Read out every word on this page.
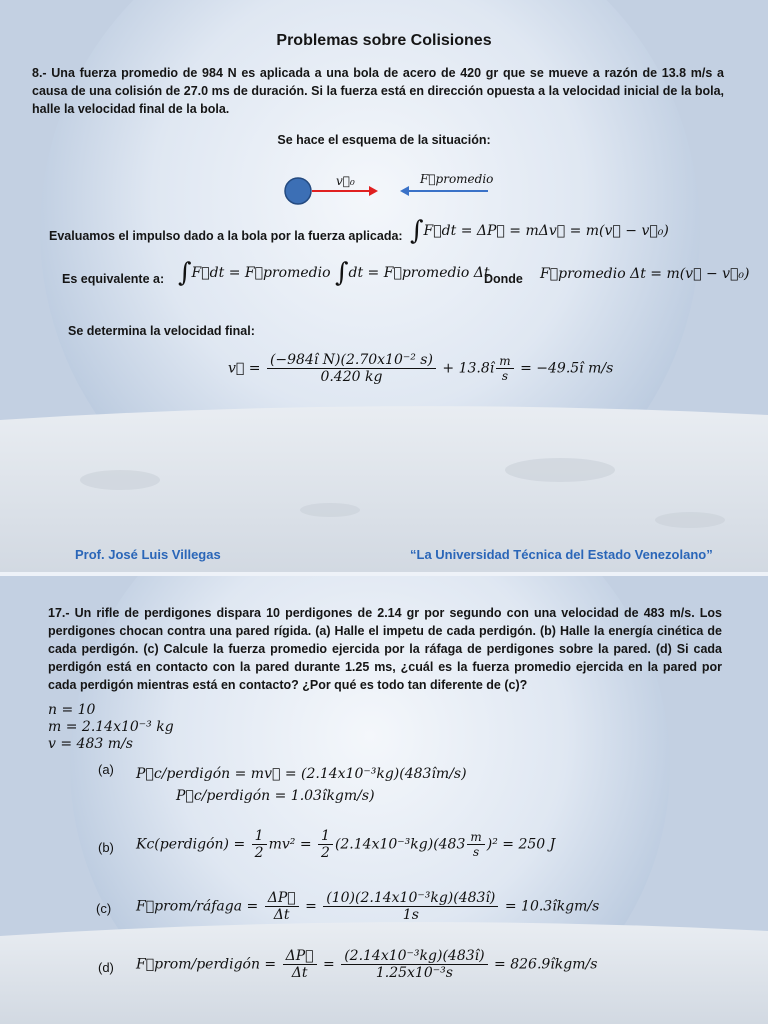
Problemas sobre Colisiones
8.- Una fuerza promedio de 984 N es aplicada a una bola de acero de 420 gr que se mueve a razón de 13.8 m/s a causa de una colisión de 27.0 ms de duración. Si la fuerza está en dirección opuesta a la velocidad inicial de la bola, halle la velocidad final de la bola.
Se hace el esquema de la situación:
v⃗₀	F⃗promedio
Evaluamos el impulso dado a la bola por la fuerza aplicada: ∫F⃗dt = ΔP⃗ = mΔv⃗ = m(v⃗ − v⃗₀)
Es equivalente a: ∫F⃗dt = F⃗promedio ∫dt = F⃗promedio Δt
Donde F⃗promedio Δt = m(v⃗ − v⃗₀)
Se determina la velocidad final:
v⃗ = $\frac{\text{(−984î N)(2.70x10⁻² s)}}{0.420 kg}$ + 13.8î $\frac{m}{s}$ = −49.5î m/s
Prof. José Luis Villegas	“La Universidad Técnica del Estado Venezolano”
17.- Un rifle de perdigones dispara 10 perdigones de 2.14 gr por segundo con una velocidad de 483 m/s. Los perdigones chocan contra una pared rígida. (a) Halle el impetu de cada perdigón. (b) Halle la energía cinética de cada perdigón. (c) Calcule la fuerza promedio ejercida por la ráfaga de perdigones sobre la pared. (d) Si cada perdigón está en contacto con la pared durante 1.25 ms, ¿cuál es la fuerza promedio ejercida en la pared por cada perdigón mientras está en contacto? ¿Por qué es todo tan diferente de (c)?
n = 10
m = 2.14x10⁻³ kg
v = 483 m/s
(a) P⃗c/perdigón = mv⃗ = (2.14x10⁻³kg)(483îm/s)
P⃗c/perdigón = 1.03îkgm/s)
(b) Kc(perdigón) = $\frac{1}{2} mv^2 = \frac{1}{2} (2.14x10^{-3}kg)(483 \frac{m}{s} )^2 = 250$ J
(c) F⃗prom/ráfaga = $\frac{\Delta P⃗}{\Delta t} = \frac{\text{(10)(2.14x10⁻³kg)(483î)}}{1s}$ = 10.3îkgm/s
(d) F⃗prom/perdigón = $\frac{\Delta P⃗}{\Delta t} = \frac{\text{(2.14x10⁻³kg)(483î)}}{\text{1.25x10⁻³s}}$ = 826.9îkgm/s
